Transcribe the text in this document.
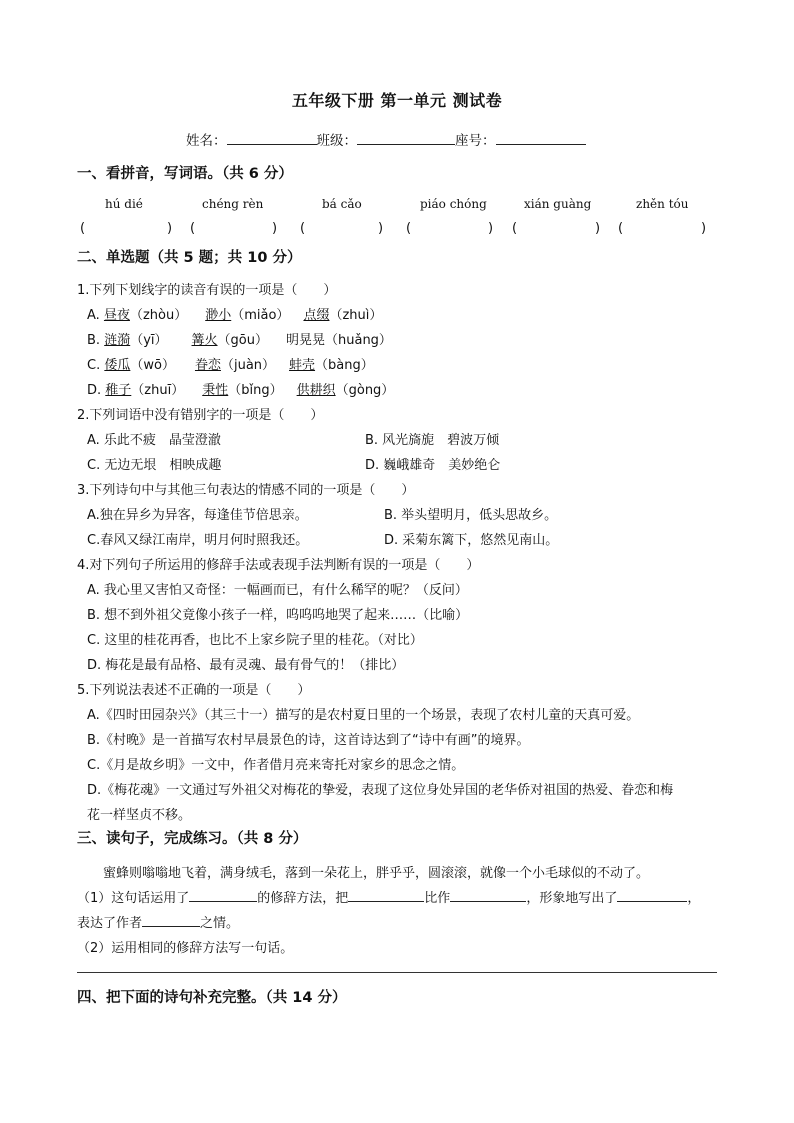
五年级下册 第一单元 测试卷
姓名：	班级：	座号：
一、看拼音，写词语。（共 6 分）
hú dié	chéng rèn	bá cǎo	piáo chóng	xián guàng	zhěn tóu
(	) (	) (	) (	) (	) (	)
二、单选题（共 5 题；共 10 分）
1.下列下划线字的读音有误的一项是（　　）
A. 昼夜（zhòu） 渺小（miǎo） 点缀（zhuì）
B. 涟漪（yī） 篝火（gōu） 明晃晃（huǎng）
C. 倭瓜（wō） 眷恋（juàn） 蚌壳（bàng）
D. 稚子（zhuī） 秉性（bǐng） 供耕织（gòng）
2.下列词语中没有错别字的一项是（　　）
A. 乐此不疲　晶莹澄澈	B. 风光旖旎　碧波万倾
C. 无边无垠　相映成趣	D. 巍峨雄奇　美妙绝仑
3.下列诗句中与其他三句表达的情感不同的一项是（　　）
A.独在异乡为异客，每逢佳节倍思亲。	B. 举头望明月，低头思故乡。
C.春风又绿江南岸，明月何时照我还。	D. 采菊东篱下，悠然见南山。
4.对下列句子所运用的修辞手法或表现手法判断有误的一项是（　　）
A. 我心里又害怕又奇怪：一幅画而已，有什么稀罕的呢？（反问）
B. 想不到外祖父竟像小孩子一样，呜呜呜地哭了起来……（比喻）
C. 这里的桂花再香，也比不上家乡院子里的桂花。（对比）
D. 梅花是最有品格、最有灵魂、最有骨气的！（排比）
5.下列说法表述不正确的一项是（　　）
A.《四时田园杂兴》（其三十一）描写的是农村夏日里的一个场景，表现了农村儿童的天真可爱。
B.《村晚》是一首描写农村早晨景色的诗，这首诗达到了“诗中有画”的境界。
C.《月是故乡明》一文中，作者借月亮来寄托对家乡的思念之情。
D.《梅花魂》一文通过写外祖父对梅花的挚爱，表现了这位身处异国的老华侨对祖国的热爱、眷恋和梅
花一样坚贞不移。
三、读句子，完成练习。（共 8 分）
蜜蜂则嗡嗡地飞着，满身绒毛，落到一朵花上，胖乎乎，圆滚滚，就像一个小毛球似的不动了。
（1）这句话运用了	的修辞方法，把	比作	，形象地写出了	，
表达了作者	之情。
（2）运用相同的修辞方法写一句话。
四、把下面的诗句补充完整。（共 14 分）
